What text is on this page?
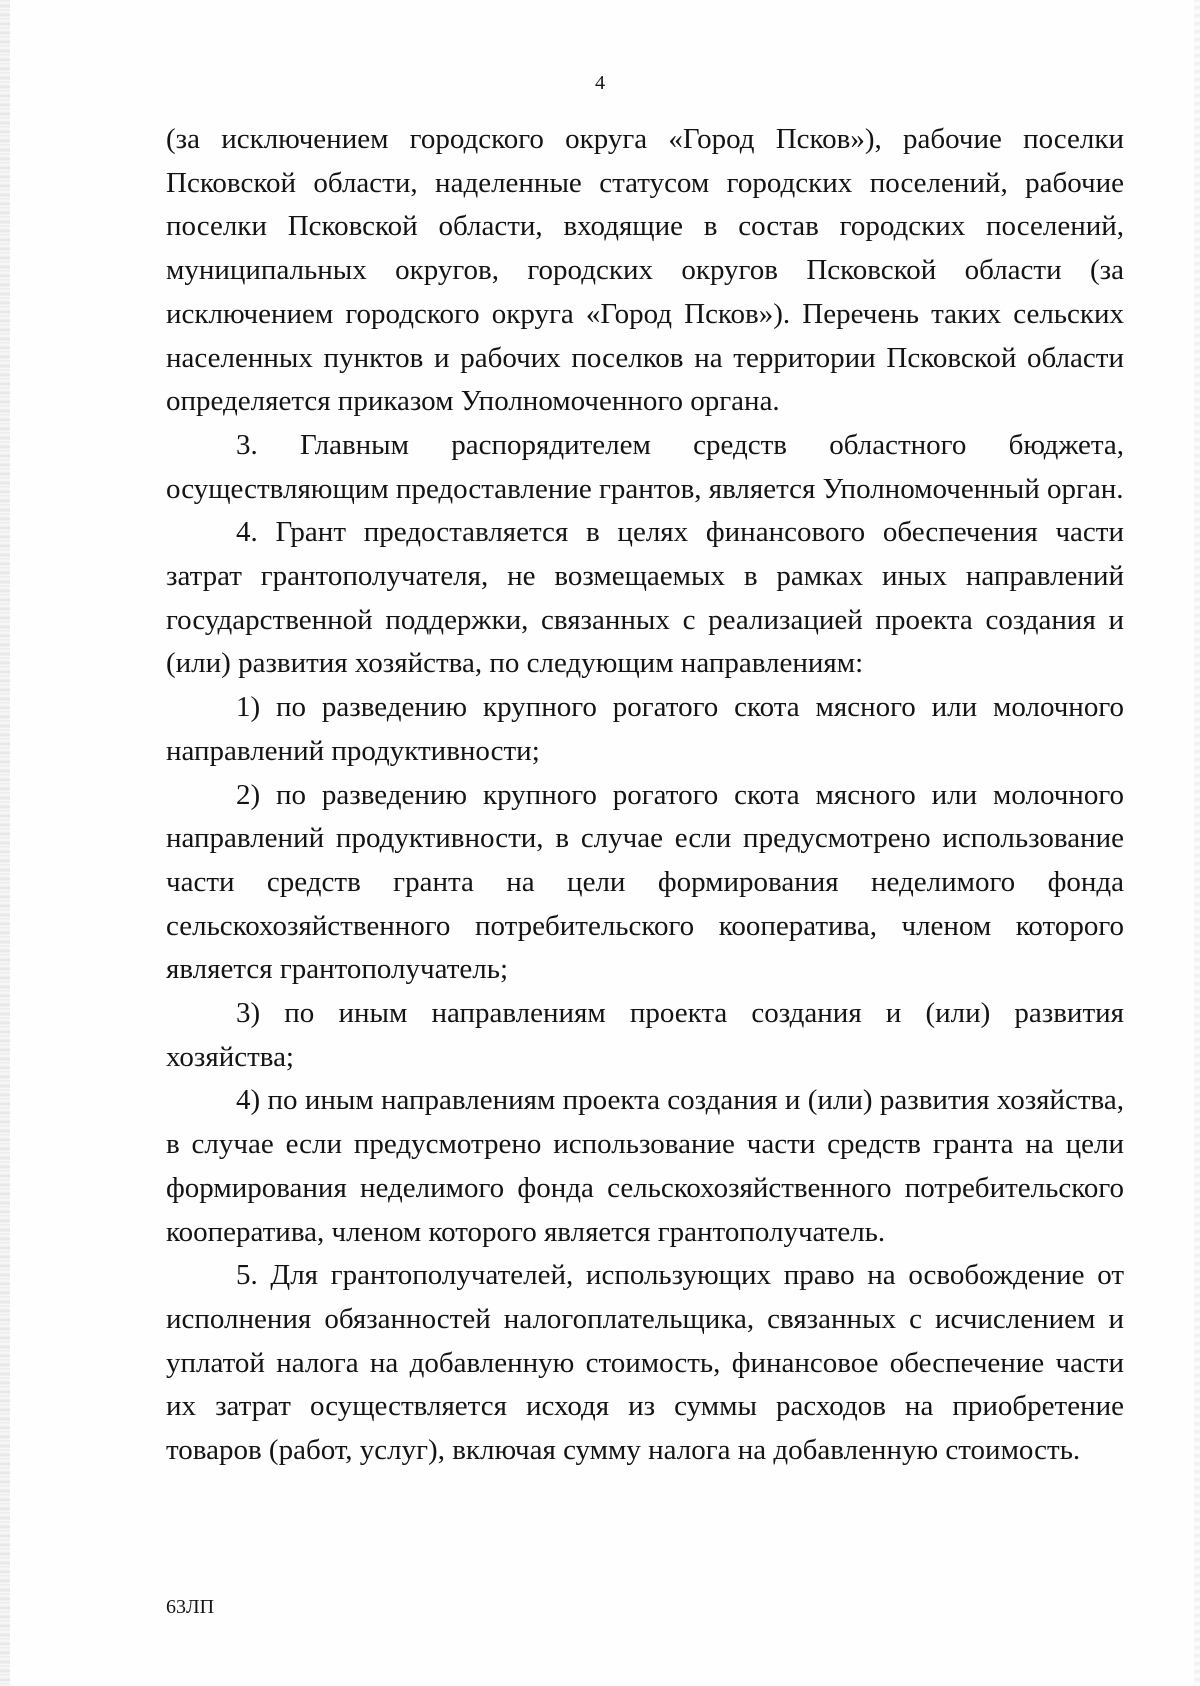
4

(за исключением городского округа «Город Псков»), рабочие поселки Псковской области, наделенные статусом городских поселений, рабочие поселки Псковской области, входящие в состав городских поселений, муниципальных округов, городских округов Псковской области (за исключением городского округа «Город Псков»). Перечень таких сельских населенных пунктов и рабочих поселков на территории Псковской области определяется приказом Уполномоченного органа.

3. Главным распорядителем средств областного бюджета, осуществляющим предоставление грантов, является Уполномоченный орган.

4. Грант предоставляется в целях финансового обеспечения части затрат грантополучателя, не возмещаемых в рамках иных направлений государственной поддержки, связанных с реализацией проекта создания и (или) развития хозяйства, по следующим направлениям:

1) по разведению крупного рогатого скота мясного или молочного направлений продуктивности;

2) по разведению крупного рогатого скота мясного или молочного направлений продуктивности, в случае если предусмотрено использование части средств гранта на цели формирования неделимого фонда сельскохозяйственного потребительского кооператива, членом которого является грантополучатель;

3) по иным направлениям проекта создания и (или) развития хозяйства;

4) по иным направлениям проекта создания и (или) развития хозяйства, в случае если предусмотрено использование части средств гранта на цели формирования неделимого фонда сельскохозяйственного потребительского кооператива, членом которого является грантополучатель.

5. Для грантополучателей, использующих право на освобождение от исполнения обязанностей налогоплательщика, связанных с исчислением и уплатой налога на добавленную стоимость, финансовое обеспечение части их затрат осуществляется исходя из суммы расходов на приобретение товаров (работ, услуг), включая сумму налога на добавленную стоимость.

63ЛП
